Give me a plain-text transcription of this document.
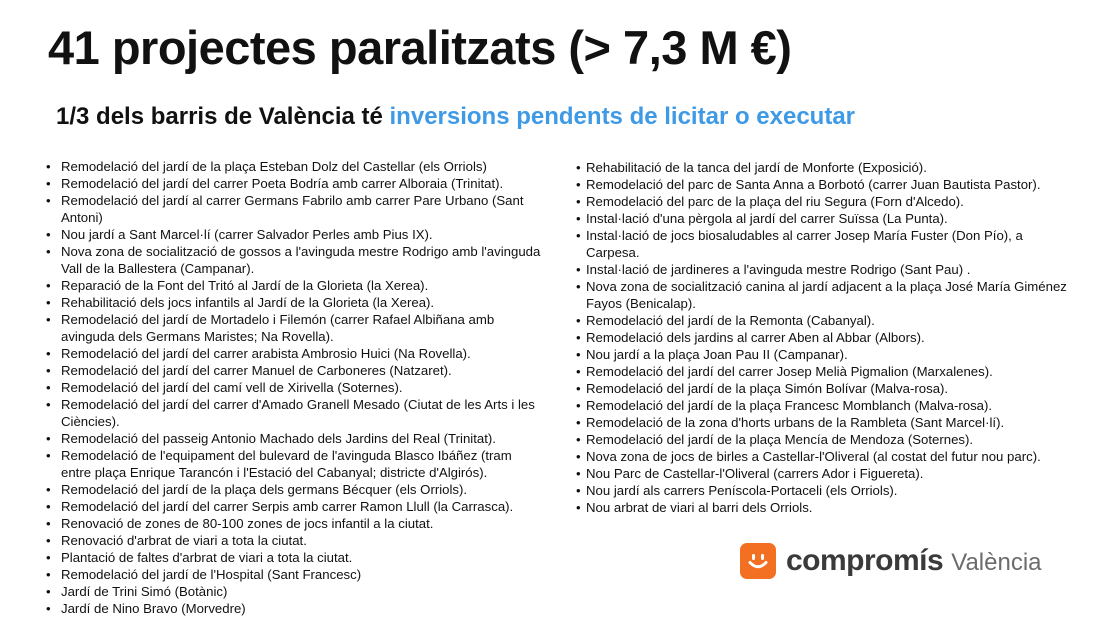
41 projectes paralitzats (> 7,3 M €)
1/3 dels barris de València té inversions pendents de licitar o executar
• Remodelació del jardí de la plaça Esteban Dolz del Castellar (els Orriols)
• Remodelació del jardí del carrer Poeta Bodría amb carrer Alboraia (Trinitat).
• Remodelació del jardí al carrer Germans Fabrilo amb carrer Pare Urbano (Sant Antoni)
• Nou jardí a Sant Marcel·lí (carrer Salvador Perles amb Pius IX).
• Nova zona de socialització de gossos a l'avinguda mestre Rodrigo amb l'avinguda Vall de la Ballestera (Campanar).
• Reparació de la Font del Tritó al Jardí de la Glorieta (la Xerea).
• Rehabilitació dels jocs infantils al Jardí de la Glorieta (la Xerea).
• Remodelació del jardí de Mortadelo i Filemón (carrer Rafael Albiñana amb avinguda dels Germans Maristes; Na Rovella).
• Remodelació del jardí del carrer arabista Ambrosio Huici (Na Rovella).
• Remodelació del jardí del carrer Manuel de Carboneres (Natzaret).
• Remodelació del jardí del camí vell de Xirivella (Soternes).
• Remodelació del jardí del carrer d'Amado Granell Mesado (Ciutat de les Arts i les Ciències).
• Remodelació del passeig Antonio Machado dels Jardins del Real (Trinitat).
• Remodelació de l'equipament del bulevard de l'avinguda Blasco Ibáñez (tram entre plaça Enrique Tarancón i l'Estació del Cabanyal; districte d'Algirós).
• Remodelació del jardí de la plaça dels germans Bécquer (els Orriols).
• Remodelació del jardí del carrer Serpis amb carrer Ramon Llull (la Carrasca).
• Renovació de zones de 80-100 zones de jocs infantil a la ciutat.
• Renovació d'arbrat de viari a tota la ciutat.
• Plantació de faltes d'arbrat de viari a tota la ciutat.
• Remodelació del jardí de l'Hospital (Sant Francesc)
• Jardí de Trini Simó (Botànic)
• Jardí de Nino Bravo (Morvedre)
• Rehabilitació de la tanca del jardí de Monforte (Exposició).
• Remodelació del parc de Santa Anna a Borbotó (carrer Juan Bautista Pastor).
• Remodelació del parc de la plaça del riu Segura (Forn d'Alcedo).
• Instal·lació d'una pèrgola al jardí del carrer Suïssa (La Punta).
• Instal·lació de jocs biosaludables al carrer Josep María Fuster (Don Pío), a Carpesa.
• Instal·lació de jardineres a l'avinguda mestre Rodrigo (Sant Pau) .
• Nova zona de socialització canina al jardí adjacent a la plaça José María Giménez Fayos (Benicalap).
• Remodelació del jardí de la Remonta (Cabanyal).
• Remodelació dels jardins al carrer Aben al Abbar (Albors).
• Nou jardí a la plaça Joan Pau II (Campanar).
• Remodelació del jardí del carrer Josep Melià Pigmalion (Marxalenes).
• Remodelació del jardí de la plaça Simón Bolívar (Malva-rosa).
• Remodelació del jardí de la plaça Francesc Momblanch (Malva-rosa).
• Remodelació de la zona d'horts urbans de la Rambleta (Sant Marcel·lí).
• Remodelació del jardí de la plaça Mencía de Mendoza (Soternes).
• Nova zona de jocs de birles a Castellar-l'Oliveral (al costat del futur nou parc).
• Nou Parc de Castellar-l'Oliveral (carrers Ador i Figuereta).
• Nou jardí als carrers Peníscola-Portaceli (els Orriols).
• Nou arbrat de viari al barri dels Orriols.
compromís València
